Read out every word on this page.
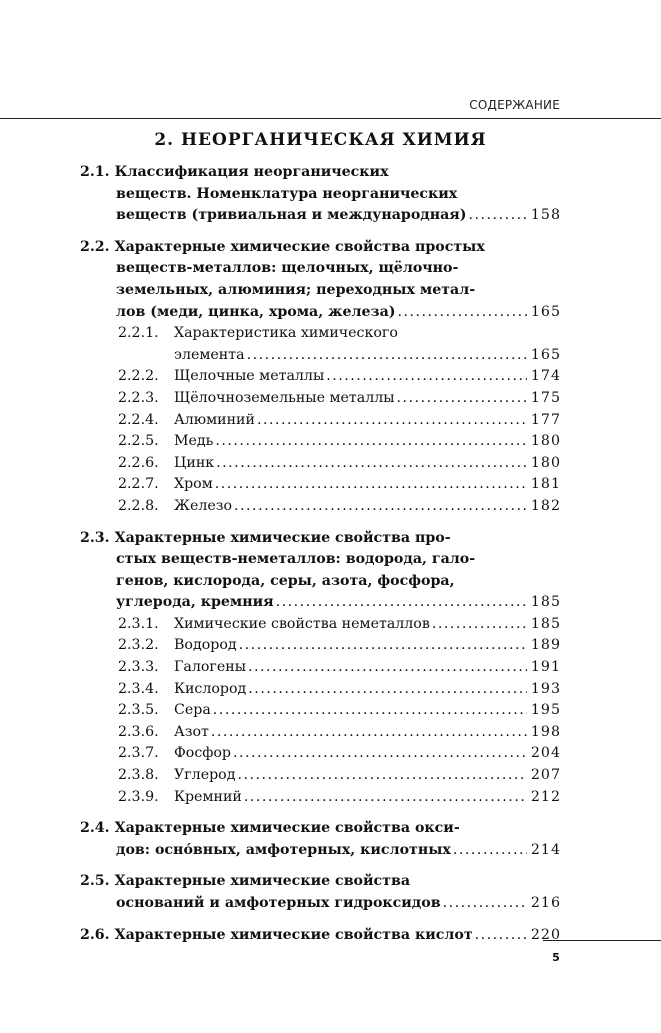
СОДЕРЖАНИЕ
2. НЕОРГАНИЧЕСКАЯ ХИМИЯ
2.1.
Классификация неорганических
веществ. Номенклатура неорганических
веществ (тривиальная и международная) .....	158
2.2.
Характерные химические свойства простых
веществ-металлов: щелочных, щёлочно-
земельных, алюминия; переходных метал-
лов (меди, цинка, хрома, железа) .....	165
2.2.1.	Характеристика химического
элемента .....	165
2.2.2.	Щелочные металлы .....	174
2.2.3.	Щёлочноземельные металлы .....	175
2.2.4.	Алюминий .....	177
2.2.5.	Медь .....	180
2.2.6.	Цинк .....	180
2.2.7.	Хром .....	181
2.2.8.	Железо .....	182
2.3.
Характерные химические свойства про-
стых веществ-неметаллов: водорода, гало-
генов, кислорода, серы, азота, фосфора,
углерода, кремния .....	185
2.3.1.	Химические свойства неметаллов .....	185
2.3.2.	Водород .....	189
2.3.3.	Галогены .....	191
2.3.4.	Кислород .....	193
2.3.5.	Сера .....	195
2.3.6.	Азот .....	198
2.3.7.	Фосфор .....	204
2.3.8.	Углерод .....	207
2.3.9.	Кремний .....	212
2.4.
Характерные химические свойства окси-
дов: осно́вных, амфотерных, кислотных .....	214
2.5.
Характерные химические свойства
оснований и амфотерных гидроксидов .....	216
2.6.
Характерные химические свойства кислот .....	220
5
